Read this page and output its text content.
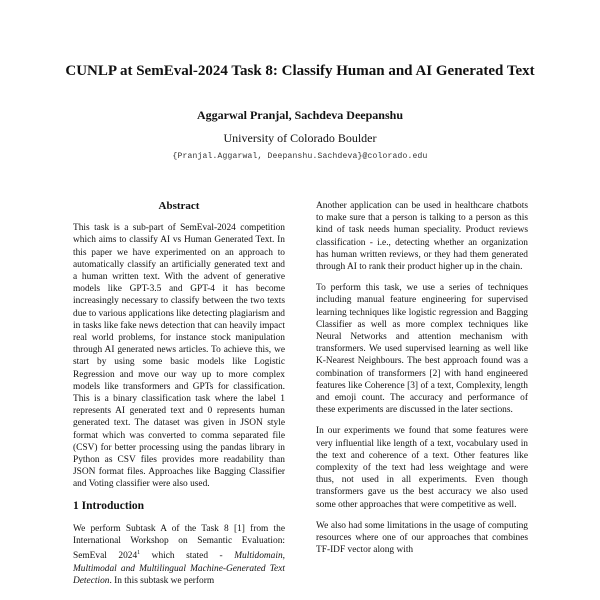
CUNLP at SemEval-2024 Task 8: Classify Human and AI Generated Text
Aggarwal Pranjal, Sachdeva Deepanshu
University of Colorado Boulder
{Pranjal.Aggarwal, Deepanshu.Sachdeva}@colorado.edu
Abstract

This task is a sub-part of SemEval-2024 competition which aims to classify AI vs Human Generated Text. In this paper we have experimented on an approach to automatically classify an artificially generated text and a human written text. With the advent of generative models like GPT-3.5 and GPT-4 it has become increasingly necessary to classify between the two texts due to various applications like detecting plagiarism and in tasks like fake news detection that can heavily impact real world problems, for instance stock manipulation through AI generated news articles. To achieve this, we start by using some basic models like Logistic Regression and move our way up to more complex models like transformers and GPTs for classification. This is a binary classification task where the label 1 represents AI generated text and 0 represents human generated text. The dataset was given in JSON style format which was converted to comma separated file (CSV) for better processing using the pandas library in Python as CSV files provides more readability than JSON format files. Approaches like Bagging Classifier and Voting classifier were also used.

1 Introduction

We perform Subtask A of the Task 8 [1] from the International Workshop on Semantic Evaluation: SemEval 2024$^1$ which stated - Multidomain, Multimodal and Multilingual Machine-Generated Text Detection. In this subtask we perform

Another application can be used in healthcare chatbots to make sure that a person is talking to a person as this kind of task needs human speciality. Product reviews classification - i.e., detecting whether an organization has human written reviews, or they had them generated through AI to rank their product higher up in the chain.

To perform this task, we use a series of techniques including manual feature engineering for supervised learning techniques like logistic regression and Bagging Classifier as well as more complex techniques like Neural Networks and attention mechanism with transformers. We used supervised learning as well like K-Nearest Neighbours. The best approach found was a combination of transformers [2] with hand engineered features like Coherence [3] of a text, Complexity, length and emoji count. The accuracy and performance of these experiments are discussed in the later sections.

In our experiments we found that some features were very influential like length of a text, vocabulary used in the text and coherence of a text. Other features like complexity of the text had less weightage and were thus, not used in all experiments. Even though transformers gave us the best accuracy we also used some other approaches that were competitive as well.

We also had some limitations in the usage of computing resources where one of our approaches that combines TF-IDF vector along with
